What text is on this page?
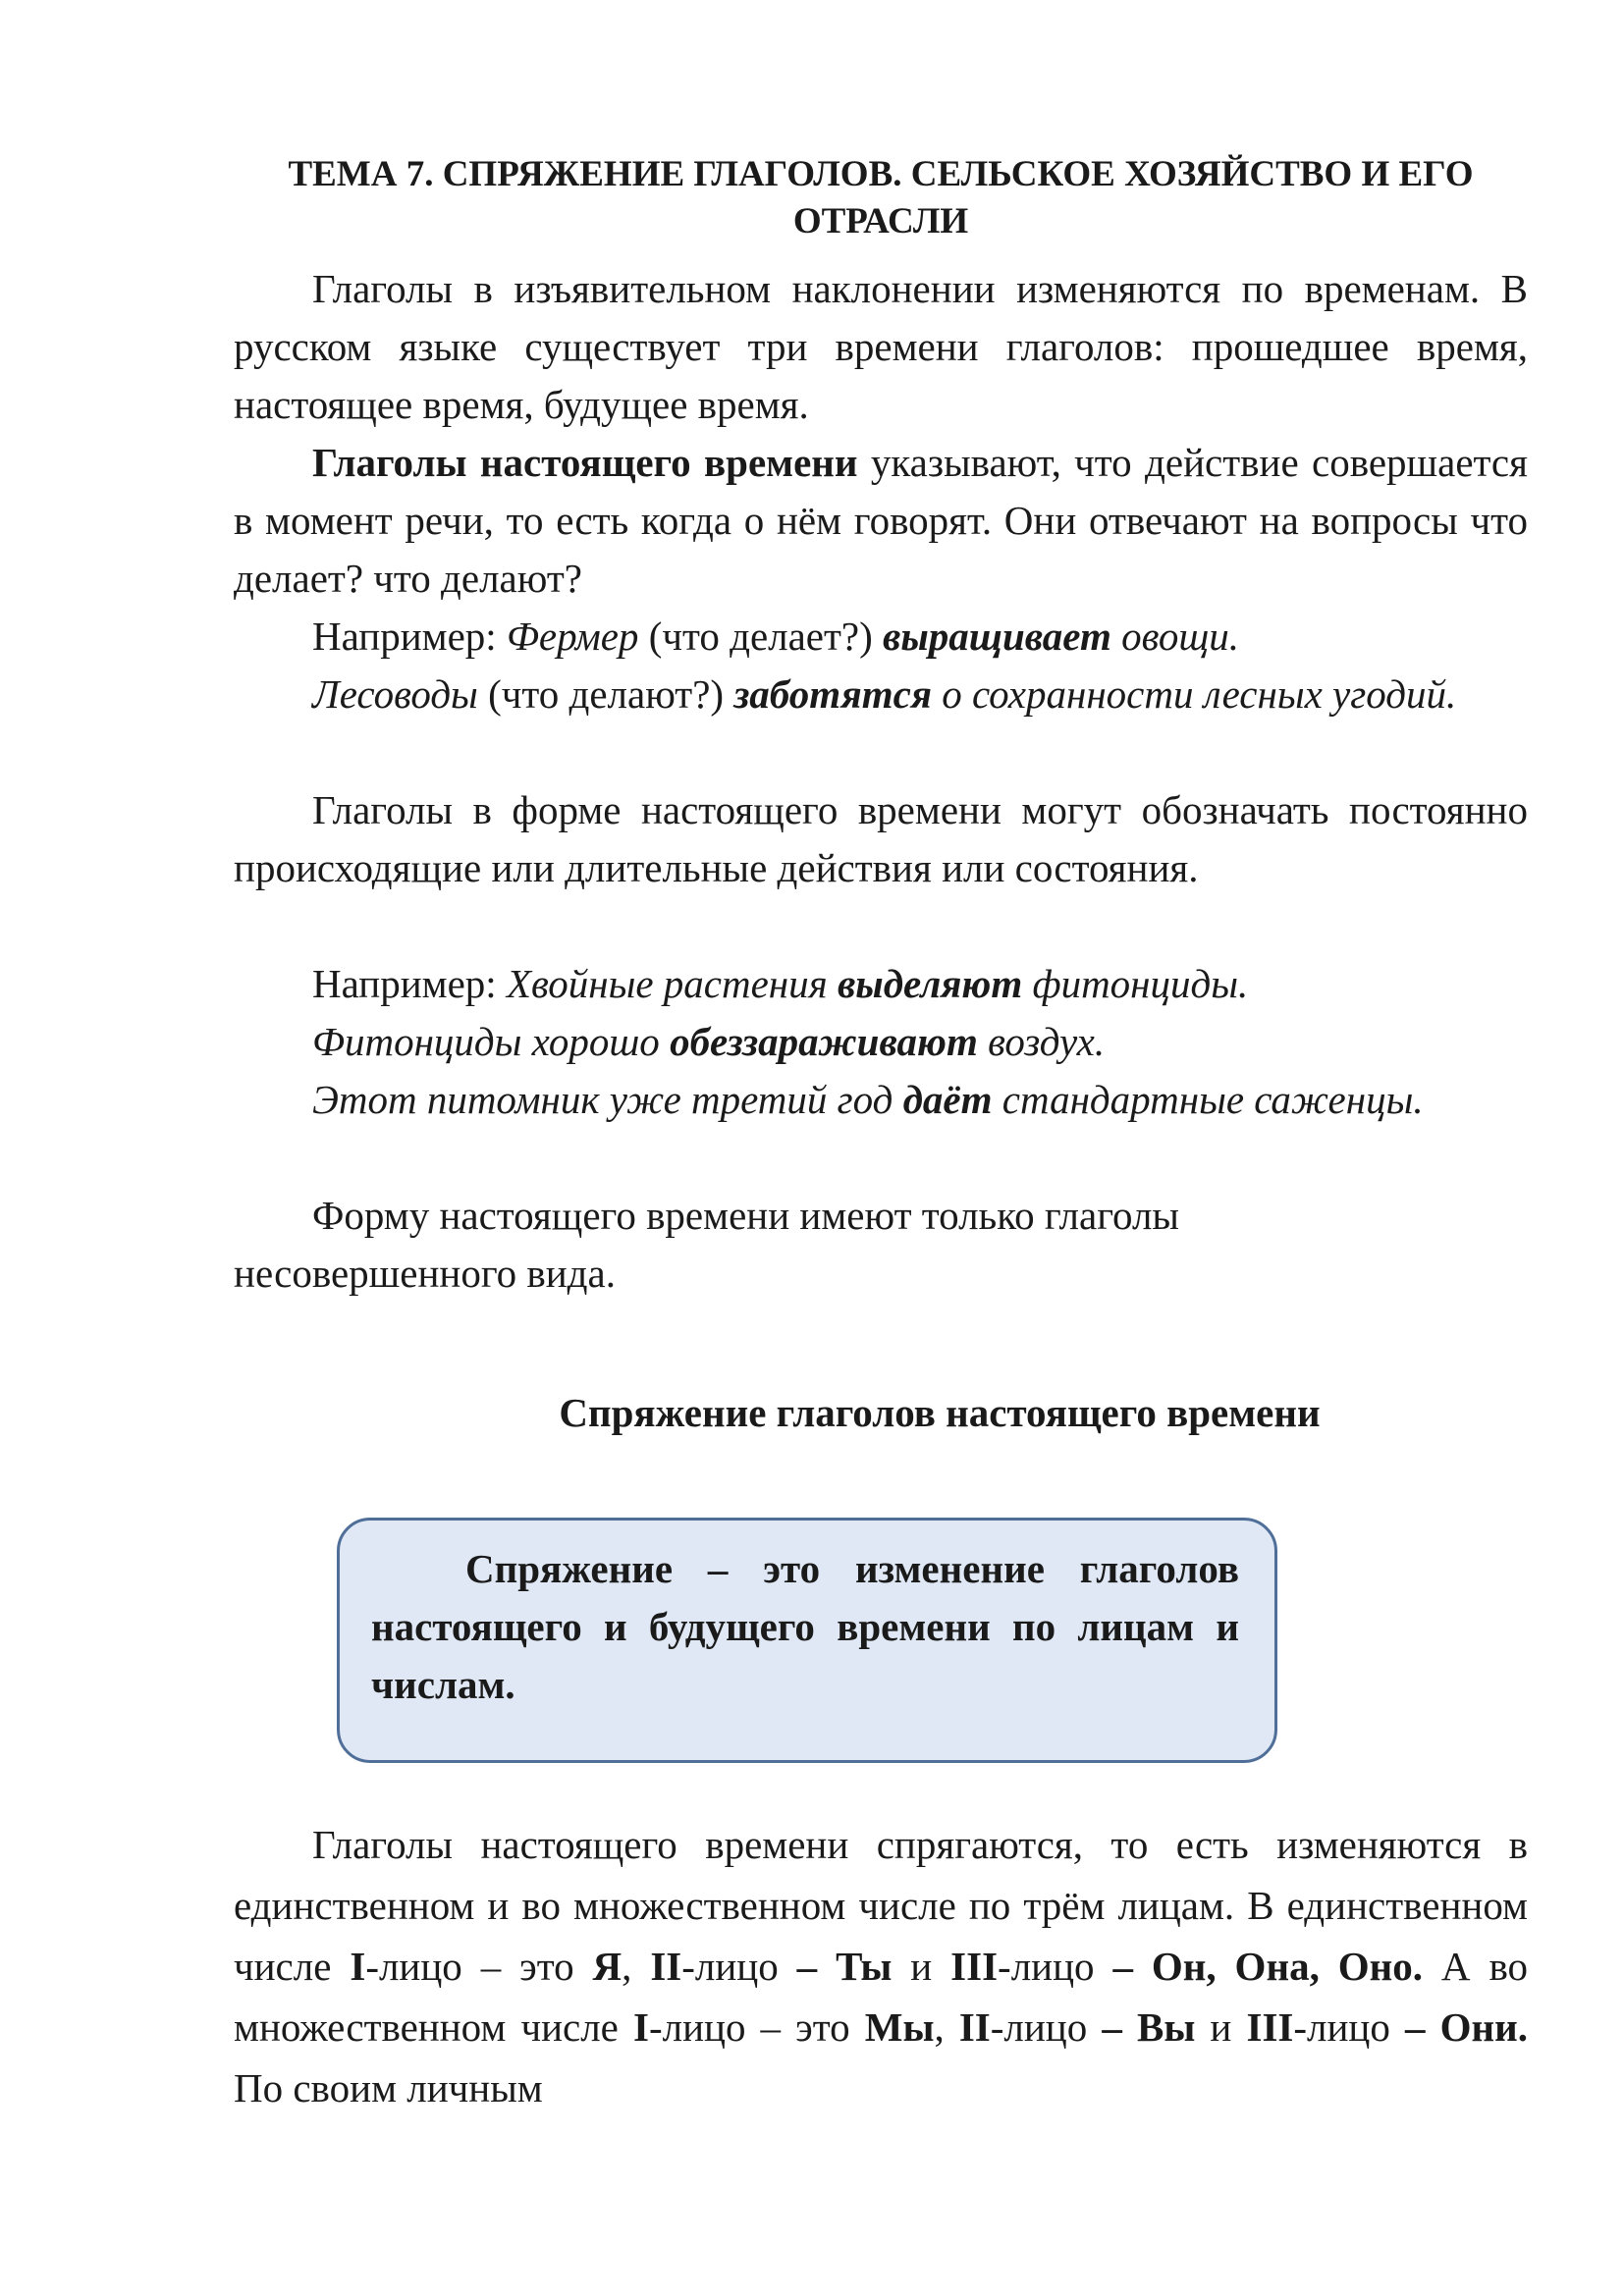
ТЕМА 7. СПРЯЖЕНИЕ ГЛАГОЛОВ. СЕЛЬСКОЕ ХОЗЯЙСТВО И ЕГО ОТРАСЛИ
Глаголы в изъявительном наклонении изменяются по временам. В русском языке существует три времени глаголов: прошедшее время, настоящее время, будущее время.
Глаголы настоящего времени указывают, что действие совершается в момент речи, то есть когда о нём говорят. Они отвечают на вопросы что делает? что делают?
Например: Фермер (что делает?) выращивает овощи.
Лесоводы (что делают?) заботятся о сохранности лесных угодий.
Глаголы в форме настоящего времени могут обозначать постоянно происходящие или длительные действия или состояния.
Например: Хвойные растения выделяют фитонциды.
Фитонциды хорошо обеззараживают воздух.
Этот питомник уже третий год даёт стандартные саженцы.
Форму настоящего времени имеют только глаголы
несовершенного вида.
Спряжение глаголов настоящего времени
Спряжение – это изменение глаголов настоящего и будущего времени по лицам и числам.
Глаголы настоящего времени спрягаются, то есть изменяются в единственном и во множественном числе по трём лицам. В единственном числе I-лицо – это Я, II-лицо – Ты и III-лицо – Он, Она, Оно. А во множественном числе I-лицо – это Мы, II-лицо – Вы и III-лицо – Они. По своим личным
